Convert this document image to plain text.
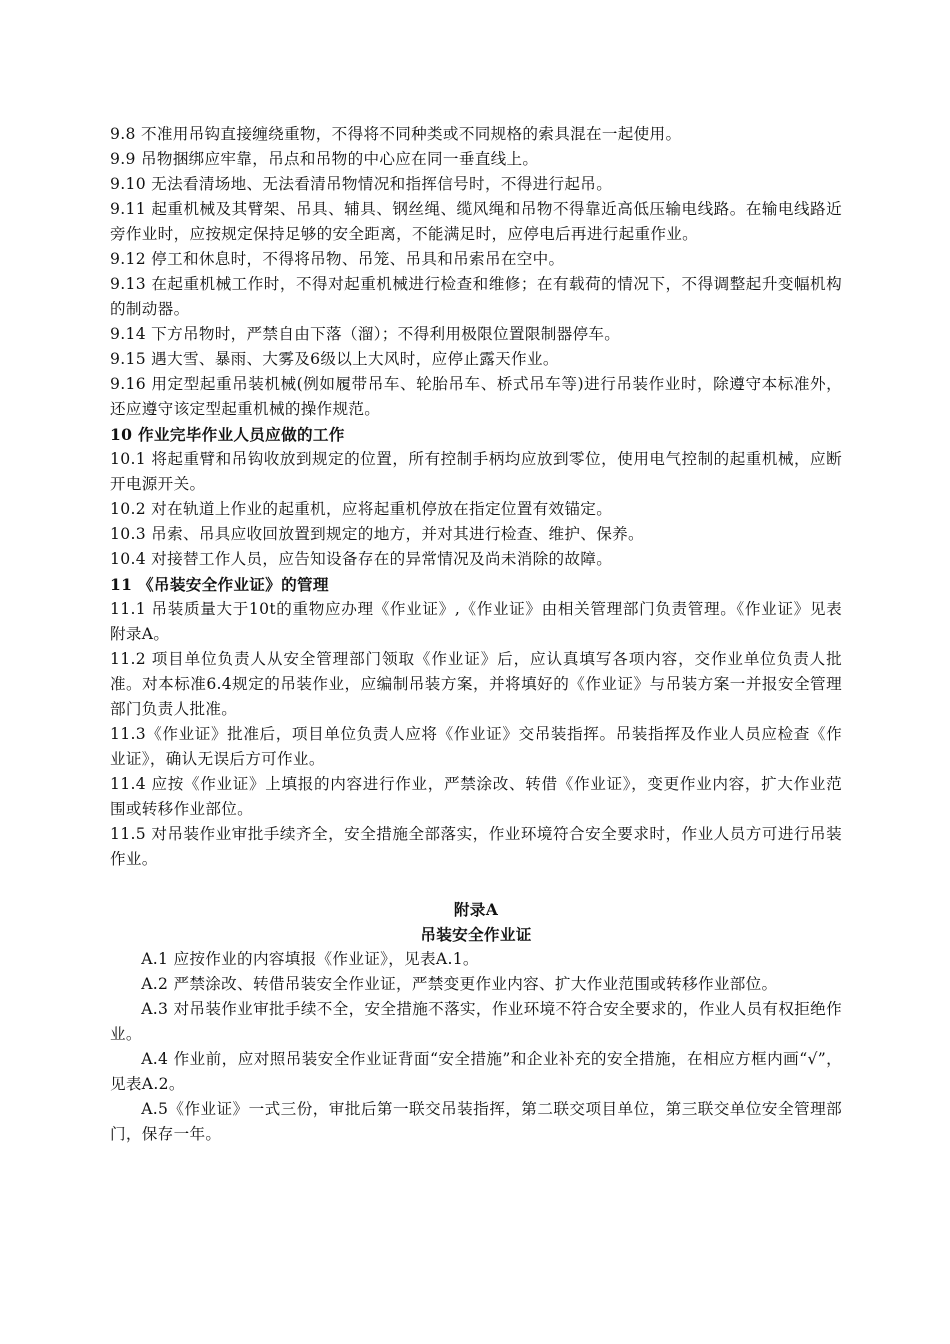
9.8 不准用吊钩直接缠绕重物，不得将不同种类或不同规格的索具混在一起使用。

9.9 吊物捆绑应牢靠，吊点和吊物的中心应在同一垂直线上。

9.10 无法看清场地、无法看清吊物情况和指挥信号时，不得进行起吊。

9.11 起重机械及其臂架、吊具、辅具、钢丝绳、缆风绳和吊物不得靠近高低压输电线路。在输电线路近旁作业时，应按规定保持足够的安全距离，不能满足时，应停电后再进行起重作业。

9.12 停工和休息时，不得将吊物、吊笼、吊具和吊索吊在空中。

9.13 在起重机械工作时，不得对起重机械进行检查和维修；在有载荷的情况下，不得调整起升变幅机构的制动器。

9.14 下方吊物时，严禁自由下落（溜）；不得利用极限位置限制器停车。

9.15 遇大雪、暴雨、大雾及6级以上大风时，应停止露天作业。

9.16 用定型起重吊装机械(例如履带吊车、轮胎吊车、桥式吊车等)进行吊装作业时，除遵守本标准外，还应遵守该定型起重机械的操作规范。

10 作业完毕作业人员应做的工作

10.1 将起重臂和吊钩收放到规定的位置，所有控制手柄均应放到零位，使用电气控制的起重机械，应断开电源开关。

10.2 对在轨道上作业的起重机，应将起重机停放在指定位置有效锚定。

10.3 吊索、吊具应收回放置到规定的地方，并对其进行检查、维护、保养。

10.4 对接替工作人员，应告知设备存在的异常情况及尚未消除的故障。

11 《吊装安全作业证》的管理

11.1 吊装质量大于10t的重物应办理《作业证》,《作业证》由相关管理部门负责管理。《作业证》见表附录A。

11.2 项目单位负责人从安全管理部门领取《作业证》后，应认真填写各项内容，交作业单位负责人批准。对本标准6.4规定的吊装作业，应编制吊装方案，并将填好的《作业证》与吊装方案一并报安全管理部门负责人批准。

11.3《作业证》批准后，项目单位负责人应将《作业证》交吊装指挥。吊装指挥及作业人员应检查《作业证》，确认无误后方可作业。

11.4 应按《作业证》上填报的内容进行作业，严禁涂改、转借《作业证》，变更作业内容，扩大作业范围或转移作业部位。

11.5 对吊装作业审批手续齐全，安全措施全部落实，作业环境符合安全要求时，作业人员方可进行吊装作业。

附录A

吊装安全作业证

A.1 应按作业的内容填报《作业证》，见表A.1。

A.2 严禁涂改、转借吊装安全作业证，严禁变更作业内容、扩大作业范围或转移作业部位。

A.3 对吊装作业审批手续不全，安全措施不落实，作业环境不符合安全要求的，作业人员有权拒绝作业。

A.4 作业前，应对照吊装安全作业证背面“安全措施”和企业补充的安全措施，在相应方框内画“√”，见表A.2。

A.5《作业证》一式三份，审批后第一联交吊装指挥，第二联交项目单位，第三联交单位安全管理部门，保存一年。
